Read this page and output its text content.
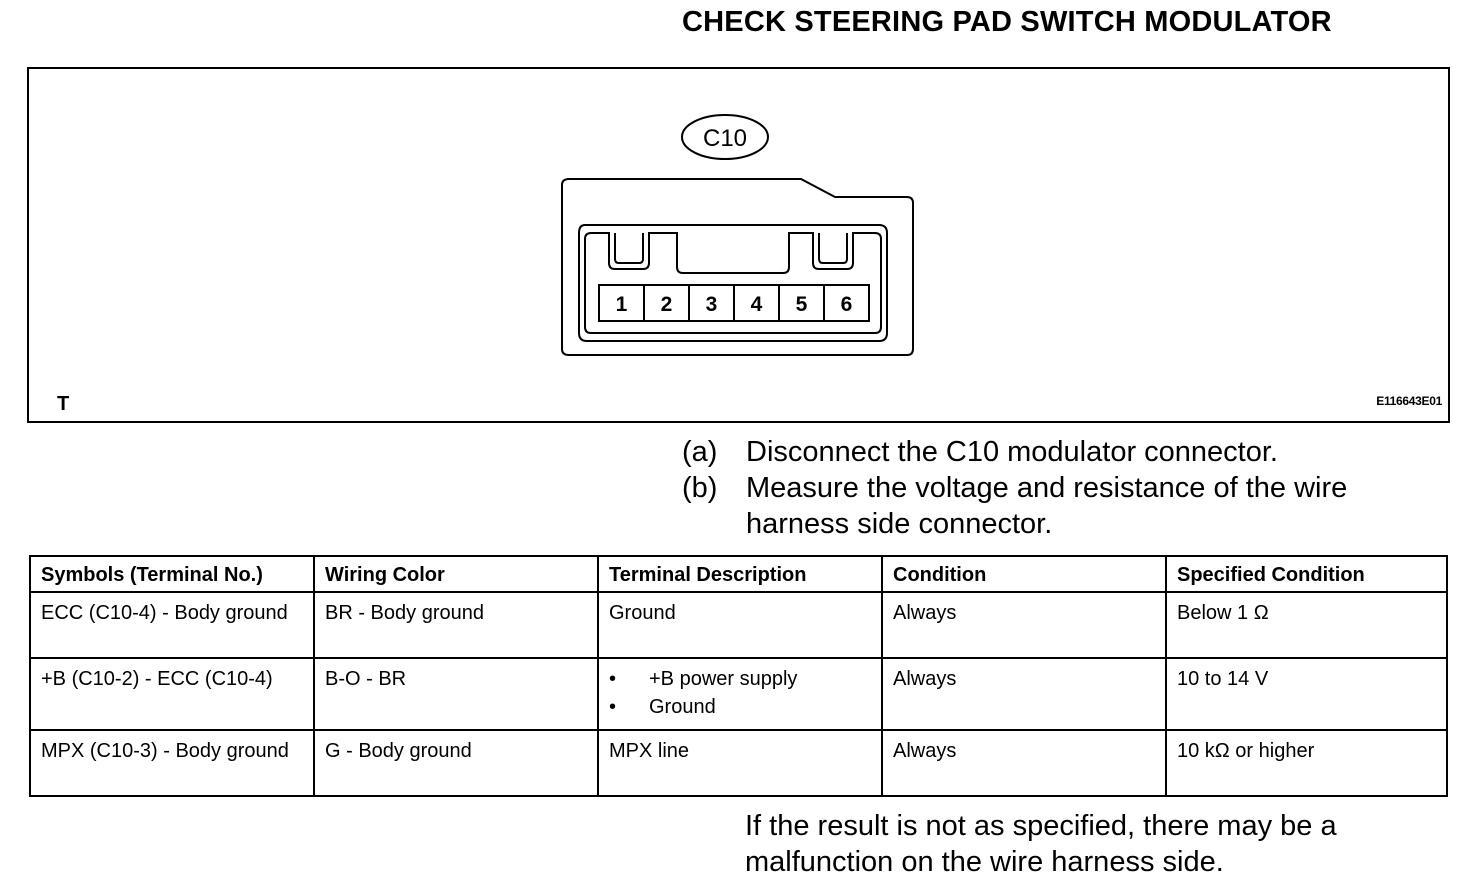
CHECK STEERING PAD SWITCH MODULATOR
C10
1 2 3 4 5 6
T	E116643E01
(a) Disconnect the C10 modulator connector.
(b) Measure the voltage and resistance of the wire harness side connector.
Symbols (Terminal No.)	Wiring Color	Terminal Description	Condition	Specified Condition
ECC (C10-4) - Body ground	BR - Body ground	Ground	Always	Below 1 Ω
+B (C10-2) - ECC (C10-4)	B-O - BR	• +B power supply
• Ground	Always	10 to 14 V
MPX (C10-3) - Body ground	G - Body ground	MPX line	Always	10 kΩ or higher
If the result is not as specified, there may be a malfunction on the wire harness side.
